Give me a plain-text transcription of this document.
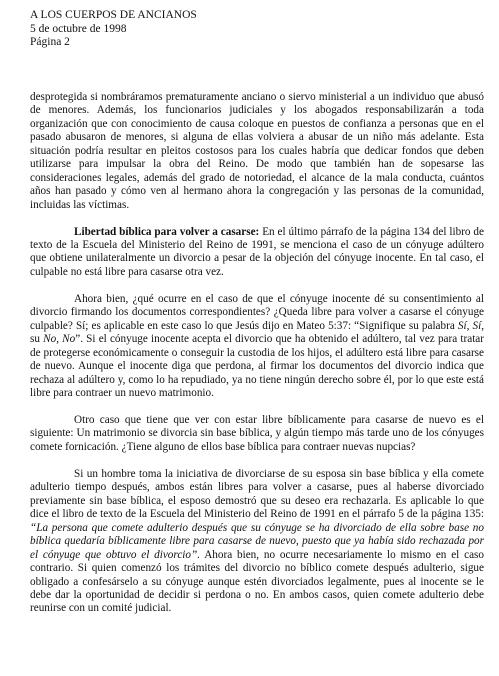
A LOS CUERPOS DE ANCIANOS
5 de octubre de 1998
Página 2

desprotegida si nombráramos prematuramente anciano o siervo ministerial a un individuo que abusó de menores. Además, los funcionarios judiciales y los abogados responsabilizarán a toda organización que con conocimiento de causa coloque en puestos de confianza a personas que en el pasado abusaron de menores, si alguna de ellas volviera a abusar de un niño más adelante. Esta situación podría resultar en pleitos costosos para los cuales habría que dedicar fondos que deben utilizarse para impulsar la obra del Reino. De modo que también han de sopesarse las consideraciones legales, además del grado de notoriedad, el alcance de la mala conducta, cuántos años han pasado y cómo ven al hermano ahora la congregación y las personas de la comunidad, incluidas las víctimas.

Libertad bíblica para volver a casarse: En el último párrafo de la página 134 del libro de texto de la Escuela del Ministerio del Reino de 1991, se menciona el caso de un cónyuge adúltero que obtiene unilateralmente un divorcio a pesar de la objeción del cónyuge inocente. En tal caso, el culpable no está libre para casarse otra vez.

Ahora bien, ¿qué ocurre en el caso de que el cónyuge inocente dé su consentimiento al divorcio firmando los documentos correspondientes? ¿Queda libre para volver a casarse el cónyuge culpable? Sí; es aplicable en este caso lo que Jesús dijo en Mateo 5:37: “Signifique su palabra Sí, Sí, su No, No”. Si el cónyuge inocente acepta el divorcio que ha obtenido el adúltero, tal vez para tratar de protegerse económicamente o conseguir la custodia de los hijos, el adúltero está libre para casarse de nuevo. Aunque el inocente diga que perdona, al firmar los documentos del divorcio indica que rechaza al adúltero y, como lo ha repudiado, ya no tiene ningún derecho sobre él, por lo que este está libre para contraer un nuevo matrimonio.

Otro caso que tiene que ver con estar libre bíblicamente para casarse de nuevo es el siguiente: Un matrimonio se divorcia sin base bíblica, y algún tiempo más tarde uno de los cónyuges comete fornicación. ¿Tiene alguno de ellos base bíblica para contraer nuevas nupcias?

Si un hombre toma la iniciativa de divorciarse de su esposa sin base bíblica y ella comete adulterio tiempo después, ambos están libres para volver a casarse, pues al haberse divorciado previamente sin base bíblica, el esposo demostró que su deseo era rechazarla. Es aplicable lo que dice el libro de texto de la Escuela del Ministerio del Reino de 1991 en el párrafo 5 de la página 135: “La persona que comete adulterio después que su cónyuge se ha divorciado de ella sobre base no bíblica quedaría bíblicamente libre para casarse de nuevo, puesto que ya había sido rechazada por el cónyuge que obtuvo el divorcio”. Ahora bien, no ocurre necesariamente lo mismo en el caso contrario. Si quien comenzó los trámites del divorcio no bíblico comete después adulterio, sigue obligado a confesárselo a su cónyuge aunque estén divorciados legalmente, pues al inocente se le debe dar la oportunidad de decidir si perdona o no. En ambos casos, quien comete adulterio debe reunirse con un comité judicial.
